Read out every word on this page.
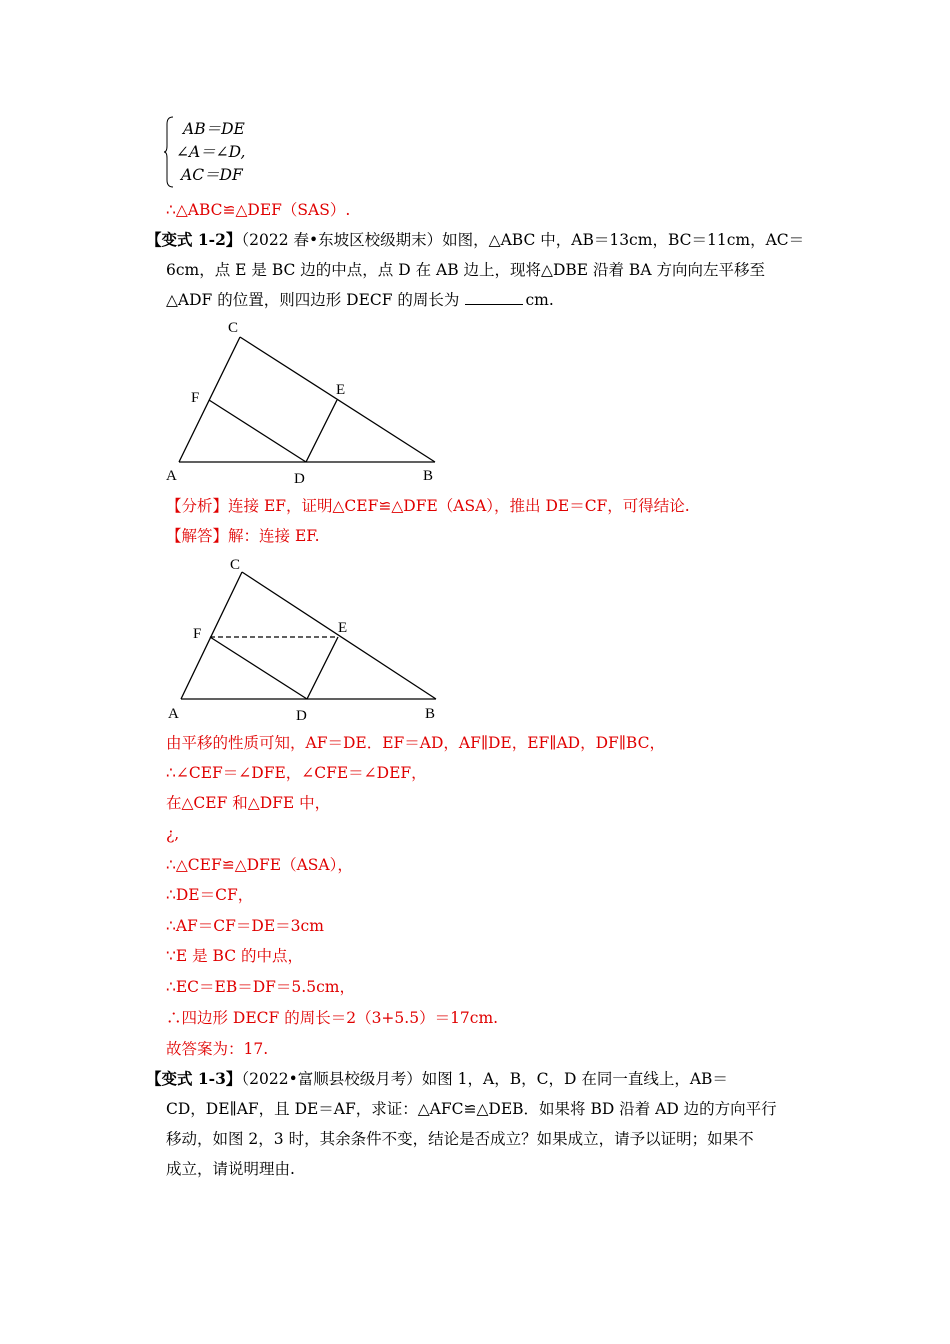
AB＝DE
∠A＝∠D,
AC＝DF
∴△ABC≌△DEF（SAS）.
【变式 1-2】（2022 春•东坡区校级期末）如图，△ABC 中，AB＝13cm，BC＝11cm，AC＝
6cm，点 E 是 BC 边的中点，点 D 在 AB 边上，现将△DBE 沿着 BA 方向向左平移至
△ADF 的位置，则四边形 DECF 的周长为	cm.
C
F	E
A	D	B
【分析】连接 EF，证明△CEF≌△DFE（ASA），推出 DE＝CF，可得结论.
【解答】解：连接 EF.
C
F	E
A	D	B
由平移的性质可知，AF＝DE．EF＝AD，AF∥DE，EF∥AD，DF∥BC，
∴∠CEF＝∠DFE，∠CFE＝∠DEF，
在△CEF 和△DFE 中，
¿,
∴△CEF≌△DFE（ASA），
∴DE＝CF，
∴AF＝CF＝DE＝3cm
∵E 是 BC 的中点，
∴EC＝EB＝DF＝5.5cm，
∴四边形 DECF 的周长＝2（3+5.5）＝17cm.
故答案为：17.
【变式 1-3】（2022•富顺县校级月考）如图 1，A，B，C，D 在同一直线上，AB＝
CD，DE∥AF，且 DE＝AF，求证：△AFC≌△DEB．如果将 BD 沿着 AD 边的方向平行
移动，如图 2，3 时，其余条件不变，结论是否成立？如果成立，请予以证明；如果不
成立，请说明理由.
